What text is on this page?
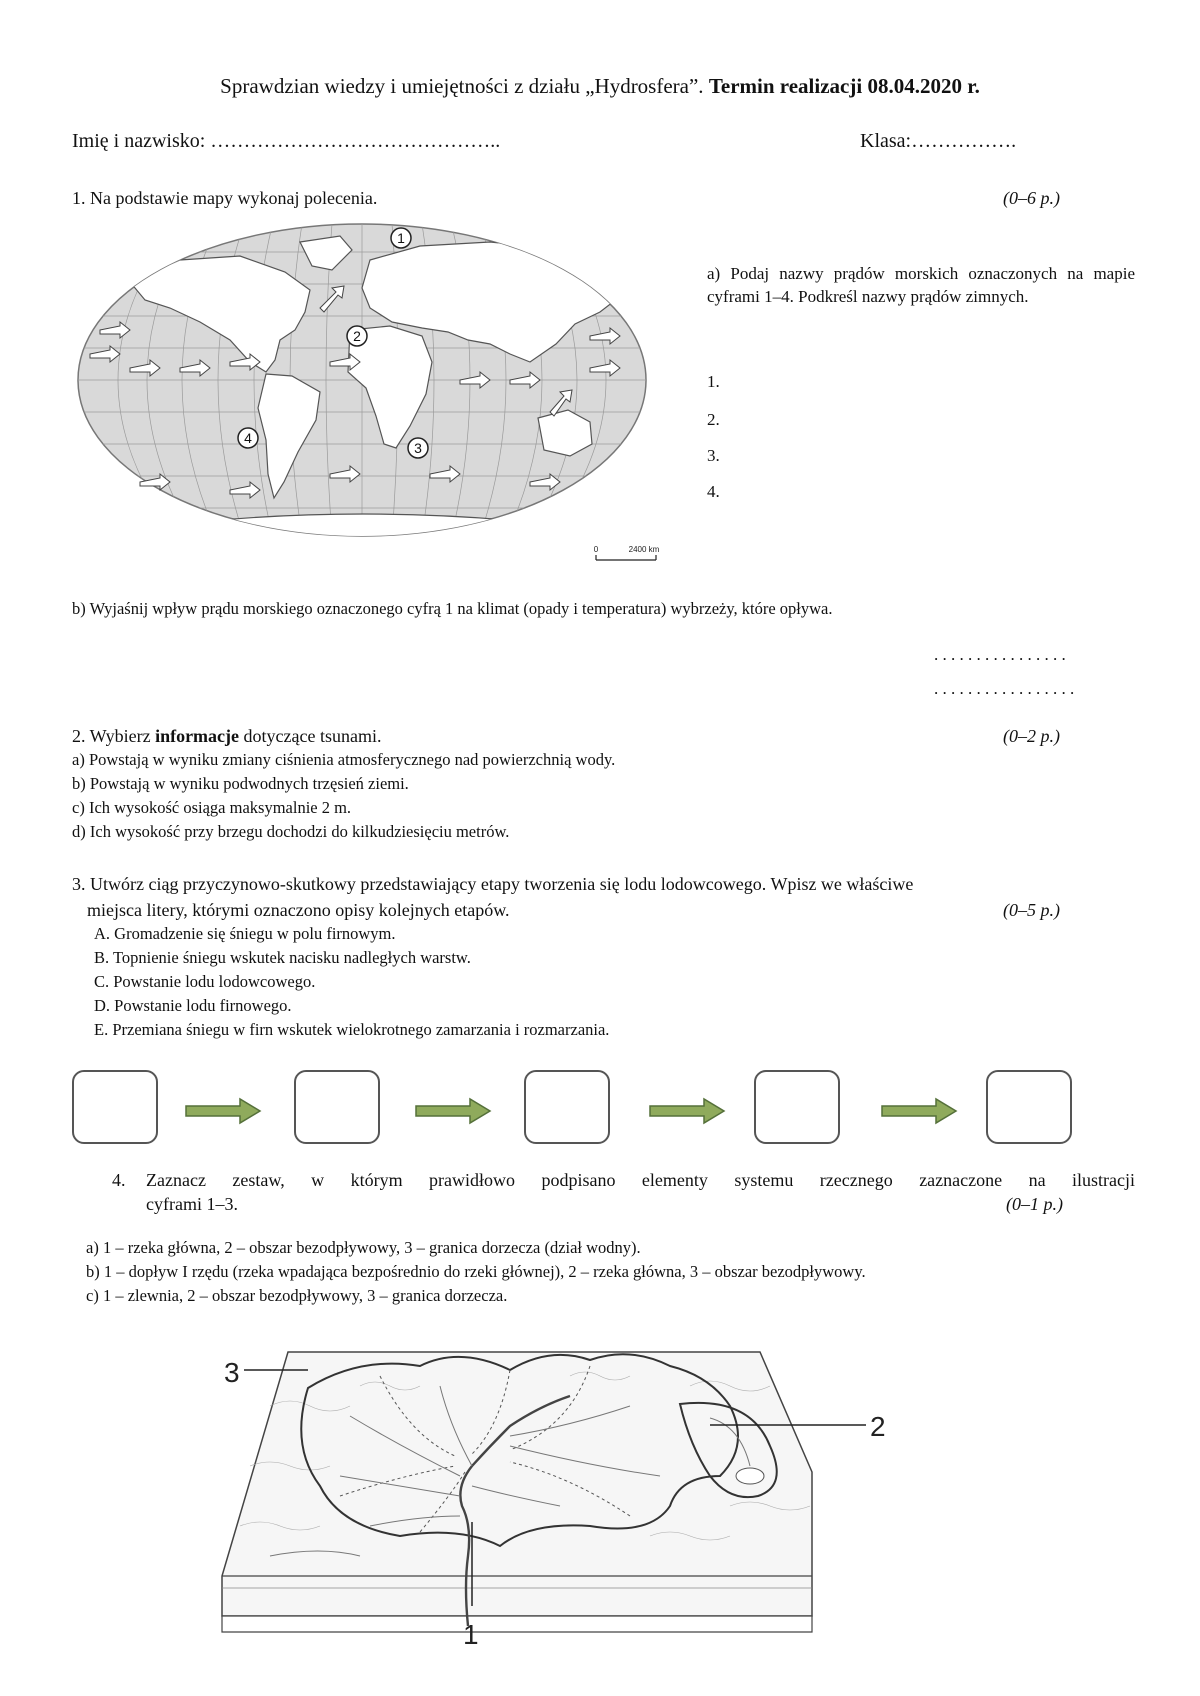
Sprawdzian wiedzy i umiejętności z działu „Hydrosfera”. Termin realizacji 08.04.2020 r.
Imię i nazwisko: ……………………………………..	Klasa:…………….
1. Na podstawie mapy wykonaj polecenia.	(0–6 p.)
1
2
3
4
0	2400 km
a) Podaj nazwy prądów morskich oznaczonych na mapie cyframi 1–4. Podkreśl nazwy prądów zimnych.
1.
2.
3.
4.
b) Wyjaśnij wpływ prądu morskiego oznaczonego cyfrą 1 na klimat (opady i temperatura) wybrzeży, które opływa.
. . . . . . . . . . . . . . . .
. . . . . . . . . . . . . . . . .
2. Wybierz informacje dotyczące tsunami.	(0–2 p.)
a) Powstają w wyniku zmiany ciśnienia atmosferycznego nad powierzchnią wody.
b) Powstają w wyniku podwodnych trzęsień ziemi.
c) Ich wysokość osiąga maksymalnie 2 m.
d) Ich wysokość przy brzegu dochodzi do kilkudziesięciu metrów.
3. Utwórz ciąg przyczynowo-skutkowy przedstawiający etapy tworzenia się lodu lodowcowego. Wpisz we właściwe
miejsca litery, którymi oznaczono opisy kolejnych etapów.	(0–5 p.)
A. Gromadzenie się śniegu w polu firnowym.
B. Topnienie śniegu wskutek nacisku nadległych warstw.
C. Powstanie lodu lodowcowego.
D. Powstanie lodu firnowego.
E. Przemiana śniegu w firn wskutek wielokrotnego zamarzania i rozmarzania.
4. Zaznacz zestaw, w którym prawidłowo podpisano elementy systemu rzecznego zaznaczone na ilustracji
cyframi 1–3.	(0–1 p.)
a) 1 – rzeka główna, 2 – obszar bezodpływowy, 3 – granica dorzecza (dział wodny).
b) 1 – dopływ I rzędu (rzeka wpadająca bezpośrednio do rzeki głównej), 2 – rzeka główna, 3 – obszar bezodpływowy.
c) 1 – zlewnia, 2 – obszar bezodpływowy, 3 – granica dorzecza.
3
2
1
